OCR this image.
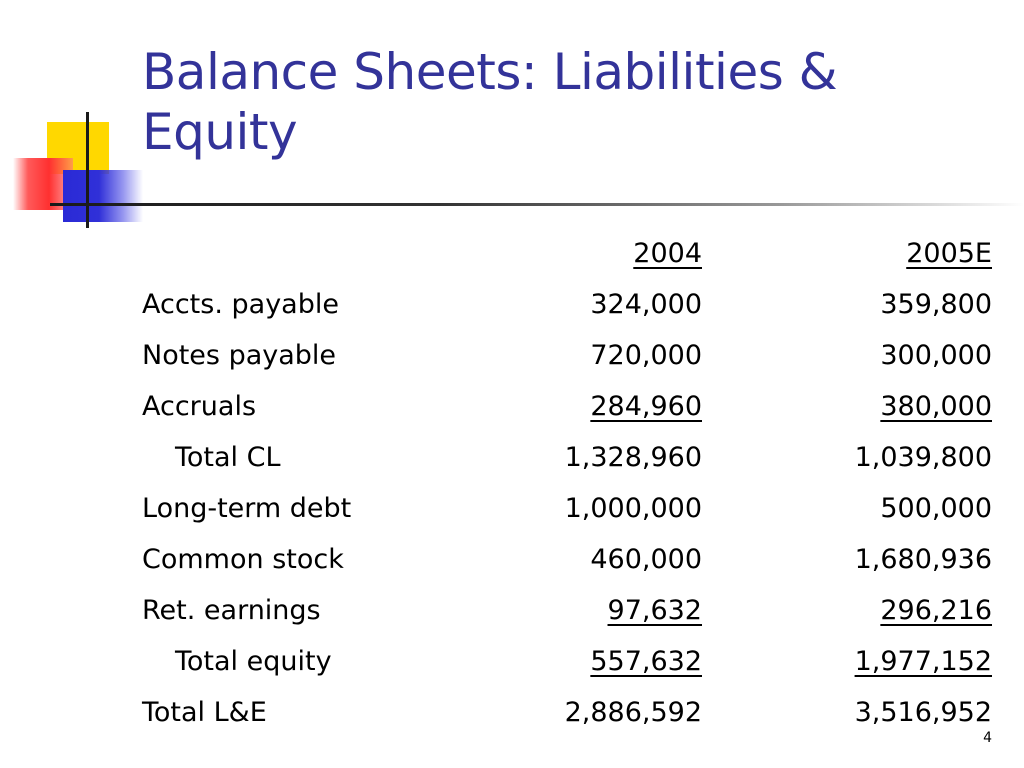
Balance Sheets: Liabilities & Equity
	2004	2005E
Accts. payable	324,000	359,800
Notes payable	720,000	300,000
Accruals	284,960	380,000
Total CL	1,328,960	1,039,800
Long-term debt	1,000,000	500,000
Common stock	460,000	1,680,936
Ret. earnings	97,632	296,216
Total equity	557,632	1,977,152
Total L&E	2,886,592	3,516,952
4
